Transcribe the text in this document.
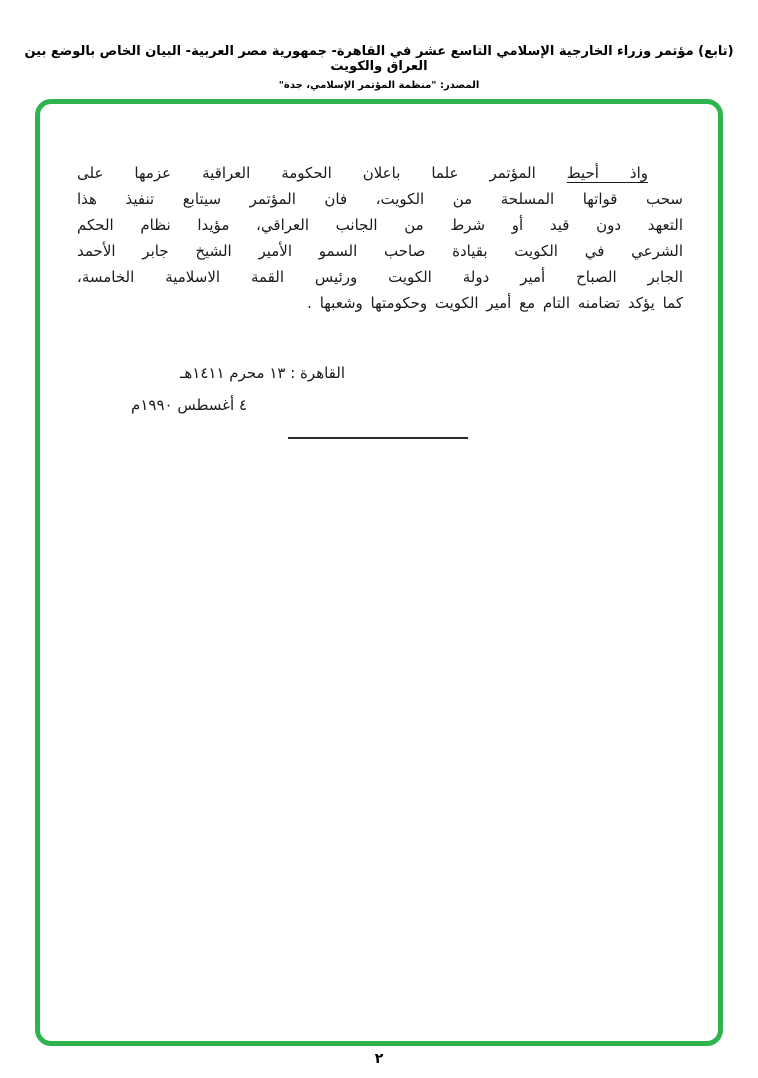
(تابع) مؤتمر وزراء الخارجية الإسلامي التاسع عشر في القاهرة- جمهورية مصر العربية- البيان الخاص بالوضع بين العراق والكويت
المصدر: "منظمة المؤتمر الإسلامي، جدة"
واذ أحيط المؤتمر علما باعلان الحكومة العراقية عزمها على
سحب قواتها المسلحة من الكويت، فان المؤتمر سيتابع تنفيذ هذا
التعهد دون قيد أو شرط من الجانب العراقي، مؤيدا نظام الحكم
الشرعي في الكويت بقيادة صاحب السمو الأمير الشيخ جابر الأحمد
الجابر الصباح أمير دولة الكويت ورئيس القمة الاسلامية الخامسة،
كما يؤكد تضامنه التام مع أمير الكويت وحكومتها وشعبها .
القاهرة : ١٣ محرم ١٤١١هـ
٤ أغسطس ١٩٩٠م
٢
